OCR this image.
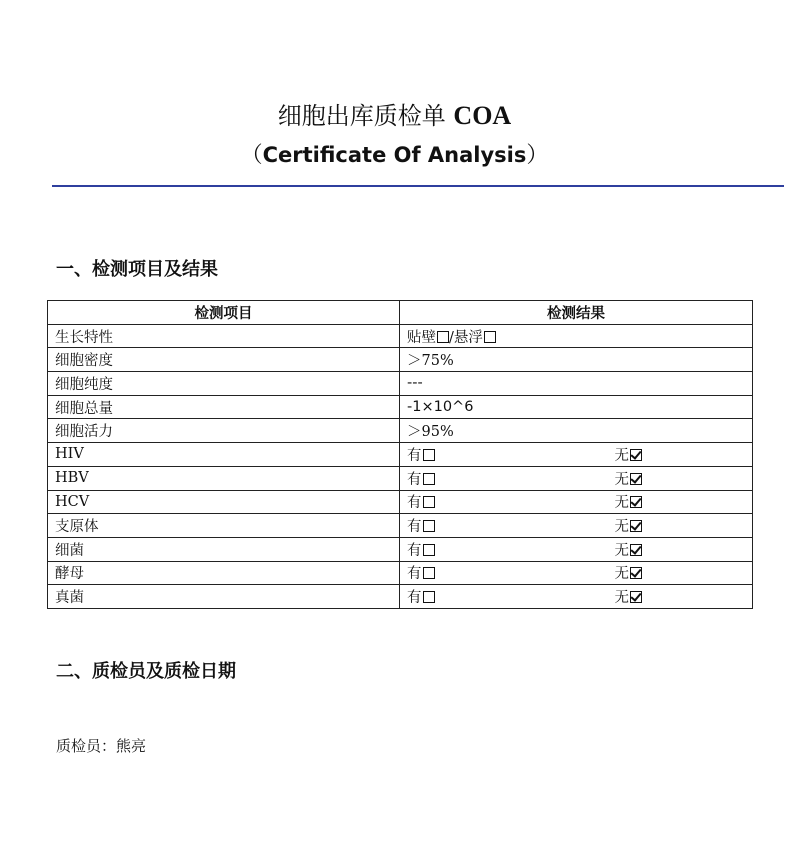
细胞出库质检单 COA
（Certificate Of Analysis）
一、检测项目及结果
检测项目	检测结果
生长特性	贴壁 /悬浮
细胞密度	＞75%
细胞纯度	---
细胞总量	-1×10^6
细胞活力	＞95%
HIV	有 无

HBV	有 无

HCV	有 无

支原体	有 无

细菌	有 无

酵母	有 无

真菌	有 无
二、质检员及质检日期
质检员：熊亮
